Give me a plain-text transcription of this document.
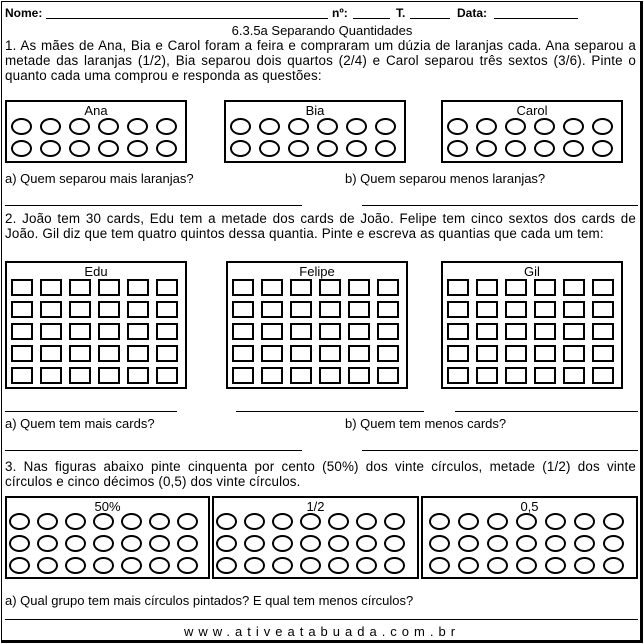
Nome:	nº:	T.	Data:
6.3.5a Separando Quantidades
1. As mães de Ana, Bia e Carol foram a feira e compraram um dúzia de laranjas cada. Ana separou a metade das laranjas (1/2), Bia separou dois quartos (2/4) e Carol separou três sextos (3/6). Pinte o quanto cada uma comprou e responda as questões:
Ana	Bia	Carol
a) Quem separou mais laranjas?	b) Quem separou menos laranjas?
2. João tem 30 cards, Edu tem a metade dos cards de João. Felipe tem cinco sextos dos cards de João. Gil diz que tem quatro quintos dessa quantia. Pinte e escreva as quantias que cada um tem:
Edu	Felipe	Gil
a) Quem tem mais cards?	b) Quem tem menos cards?
3. Nas figuras abaixo pinte cinquenta por cento (50%) dos vinte círculos, metade (1/2) dos vinte círculos e cinco décimos (0,5) dos vinte círculos.
50%	1/2	0,5
a) Qual grupo tem mais círculos pintados? E qual tem menos círculos?
www.ativeatabuada.com.br
